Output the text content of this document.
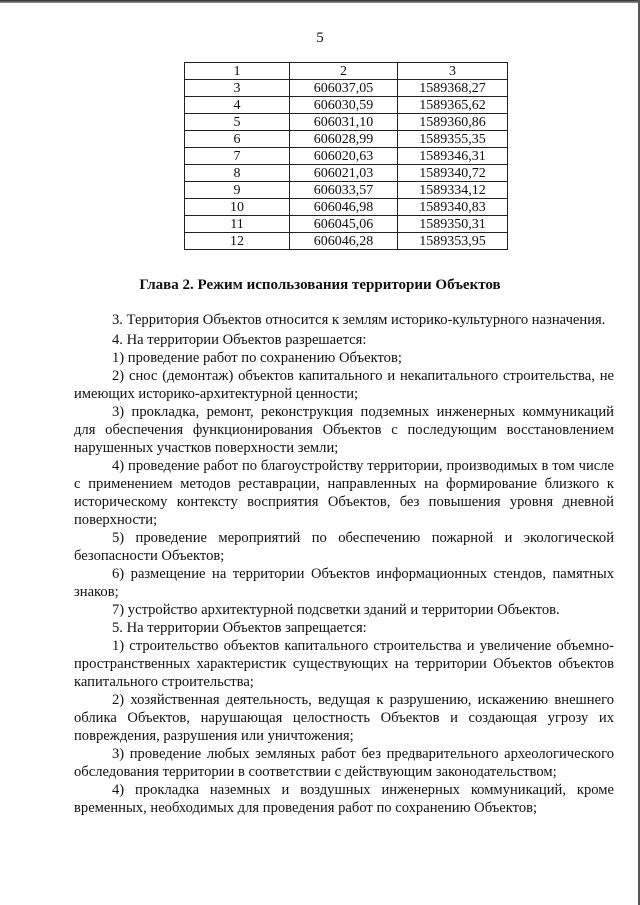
5
1	2	3
3	606037,05	1589368,27
4	606030,59	1589365,62
5	606031,10	1589360,86
6	606028,99	1589355,35
7	606020,63	1589346,31
8	606021,03	1589340,72
9	606033,57	1589334,12
10	606046,98	1589340,83
11	606045,06	1589350,31
12	606046,28	1589353,95
Глава 2. Режим использования территории Объектов

3. Территория Объектов относится к землям историко-культурного назначения.

4. На территории Объектов разрешается:

1) проведение работ по сохранению Объектов;

2) снос (демонтаж) объектов капитального и некапитального строительства, не имеющих историко-архитектурной ценности;

3) прокладка, ремонт, реконструкция подземных инженерных коммуникаций для обеспечения функционирования Объектов с последующим восстановлением нарушенных участков поверхности земли;

4) проведение работ по благоустройству территории, производимых в том числе с применением методов реставрации, направленных на формирование близкого к историческому контексту восприятия Объектов, без повышения уровня дневной поверхности;

5) проведение мероприятий по обеспечению пожарной и экологической безопасности Объектов;

6) размещение на территории Объектов информационных стендов, памятных знаков;

7) устройство архитектурной подсветки зданий и территории Объектов.

5. На территории Объектов запрещается:

1) строительство объектов капитального строительства и увеличение объемно-пространственных характеристик существующих на территории Объектов объектов капитального строительства;

2) хозяйственная деятельность, ведущая к разрушению, искажению внешнего облика Объектов, нарушающая целостность Объектов и создающая угрозу их повреждения, разрушения или уничтожения;

3) проведение любых земляных работ без предварительного археологического обследования территории в соответствии с действующим законодательством;

4) прокладка наземных и воздушных инженерных коммуникаций, кроме временных, необходимых для проведения работ по сохранению Объектов;
